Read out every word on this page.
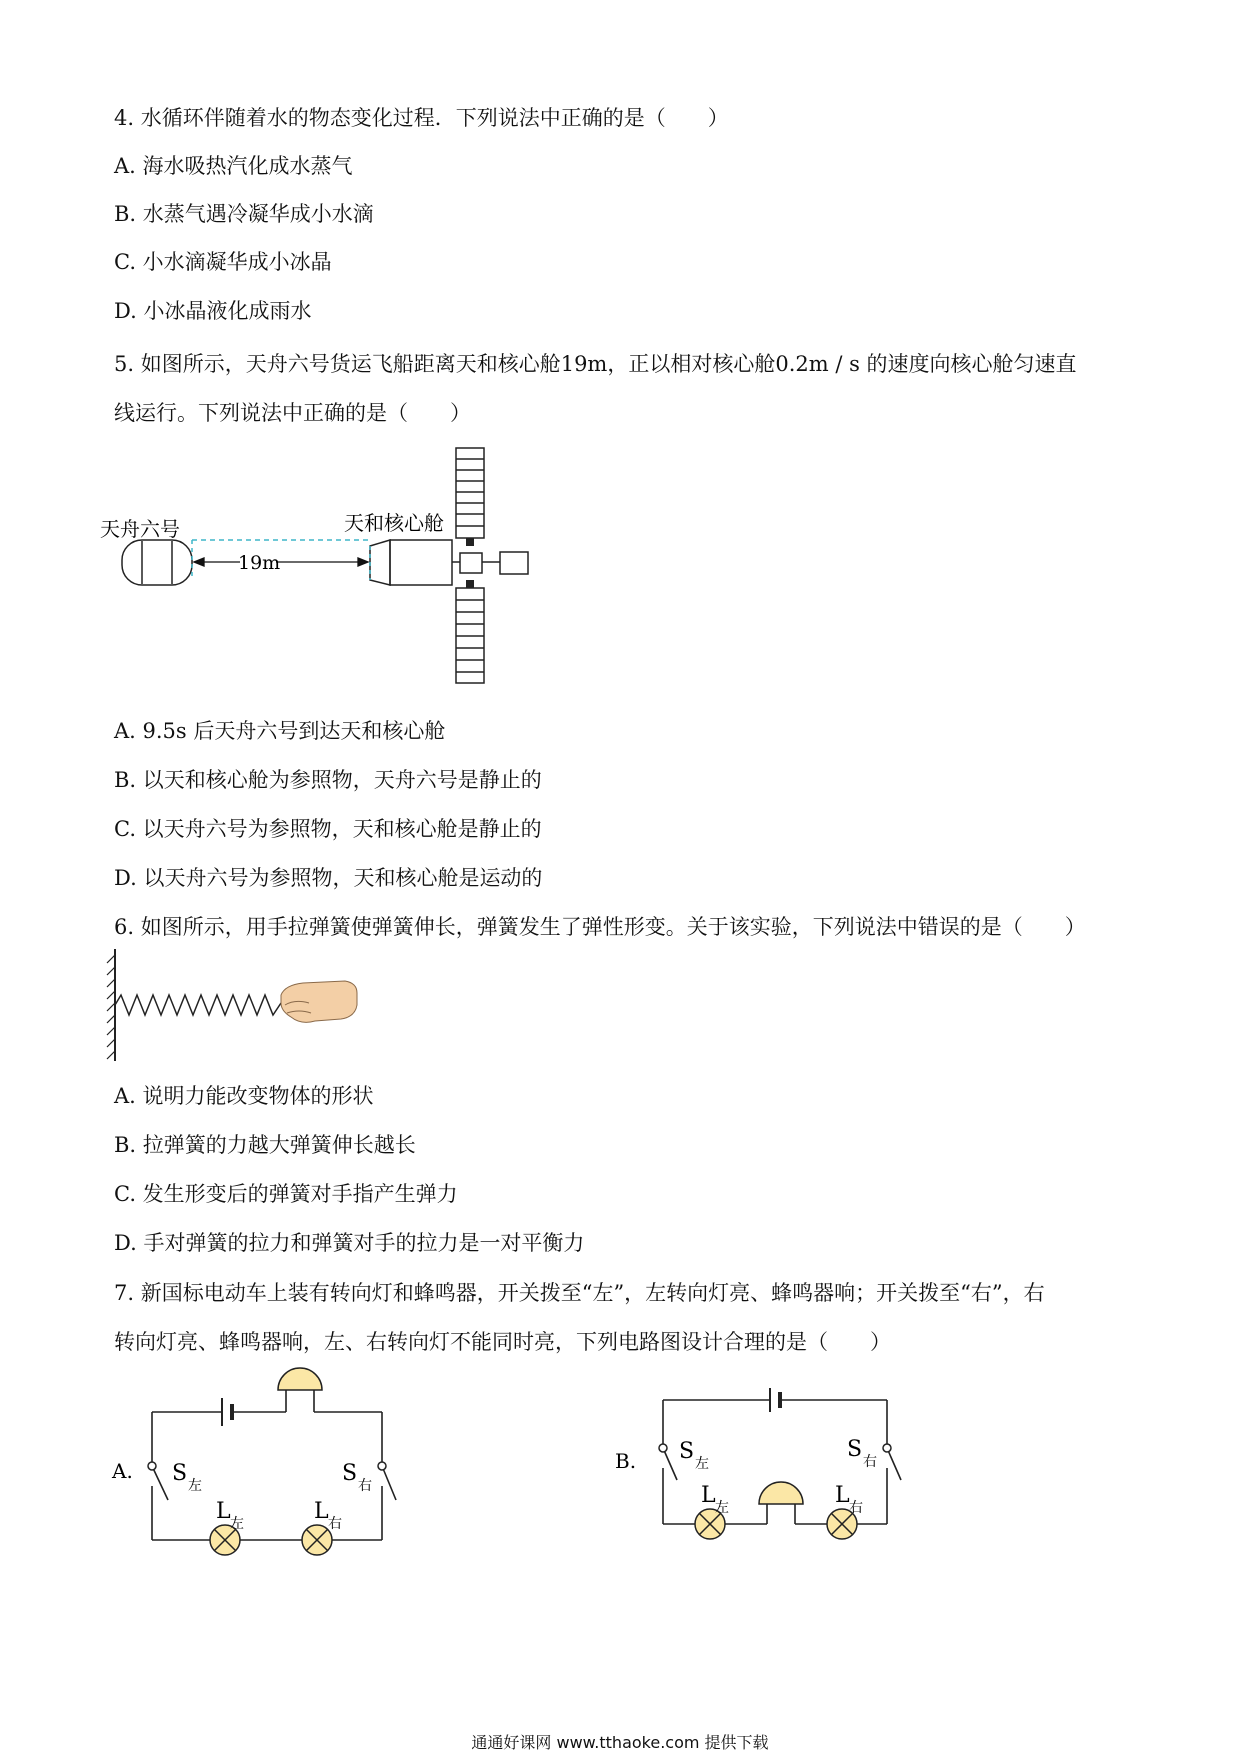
4. 水循环伴随着水的物态变化过程．下列说法中正确的是（　　）
A. 海水吸热汽化成水蒸气
B. 水蒸气遇冷凝华成小水滴
C. 小水滴凝华成小冰晶
D. 小冰晶液化成雨水
5. 如图所示，天舟六号货运飞船距离天和核心舱19m，正以相对核心舱0.2m / s 的速度向核心舱匀速直
线运行。下列说法中正确的是（　　）
19m
天舟六号	天和核心舱
A. 9.5s 后天舟六号到达天和核心舱
B. 以天和核心舱为参照物，天舟六号是静止的
C. 以天舟六号为参照物，天和核心舱是静止的
D. 以天舟六号为参照物，天和核心舱是运动的
6. 如图所示，用手拉弹簧使弹簧伸长，弹簧发生了弹性形变。关于该实验，下列说法中错误的是（　　）
A. 说明力能改变物体的形状
B. 拉弹簧的力越大弹簧伸长越长
C. 发生形变后的弹簧对手指产生弹力
D. 手对弹簧的拉力和弹簧对手的拉力是一对平衡力
7. 新国标电动车上装有转向灯和蜂鸣器，开关拨至“左”，左转向灯亮、蜂鸣器响；开关拨至“右”，右
转向灯亮、蜂鸣器响，左、右转向灯不能同时亮，下列电路图设计合理的是（　　）
A. S 左	S 右
L 左	L 右
B. S 左
S 右
L 左	L 右
通通好课网 www.tthaoke.com 提供下载
